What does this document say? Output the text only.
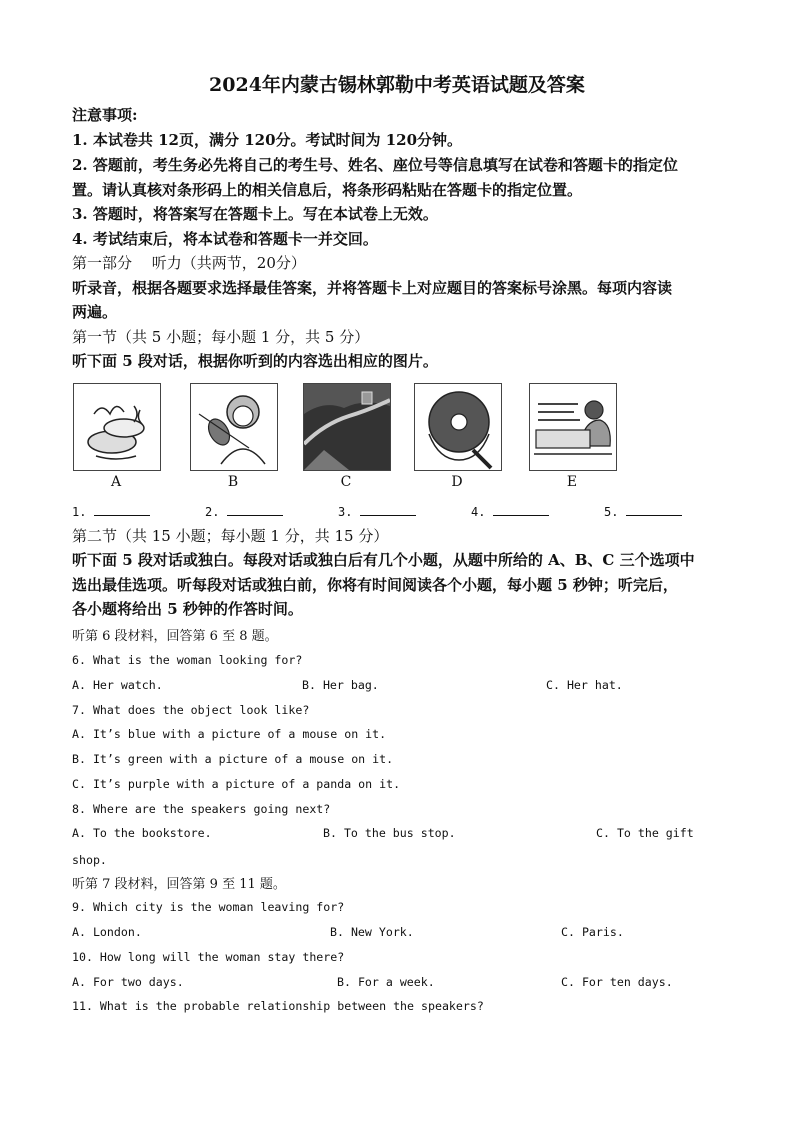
2024年内蒙古锡林郭勒中考英语试题及答案
注意事项:
1. 本试卷共 12页，满分 120分。考试时间为 120分钟。
2. 答题前，考生务必先将自己的考生号、姓名、座位号等信息填写在试卷和答题卡的指定位
置。请认真核对条形码上的相关信息后，将条形码粘贴在答题卡的指定位置。
3. 答题时，将答案写在答题卡上。写在本试卷上无效。
4. 考试结束后，将本试卷和答题卡一并交回。
第一部分　 听力（共两节，20分）
听录音，根据各题要求选择最佳答案，并将答题卡上对应题目的答案标号涂黑。每项内容读
两遍。
第一节（共 5 小题；每小题 1 分，共 5 分）
听下面 5 段对话，根据你听到的内容选出相应的图片。
A	B	C	D	E
1.	2.	3.	4.	5.
第二节（共 15 小题；每小题 1 分，共 15 分）
听下面 5 段对话或独白。每段对话或独白后有几个小题，从题中所给的 A、B、C 三个选项中
选出最佳选项。听每段对话或独白前，你将有时间阅读各个小题，每小题 5 秒钟；听完后，
各小题将给出 5 秒钟的作答时间。
听第 6 段材料，回答第 6 至 8 题。
6. What is the woman looking for?
A. Her watch.	B. Her bag.	C. Her hat.
7. What does the object look like?
A. It’s blue with a picture of a mouse on it.
B. It’s green with a picture of a mouse on it.
C. It’s purple with a picture of a panda on it.
8. Where are the speakers going next?
A. To the bookstore.	B. To the bus stop.	C. To the gift
shop.
听第 7 段材料，回答第 9 至 11 题。
9. Which city is the woman leaving for?
A. London.	B. New York.	C. Paris.
10. How long will the woman stay there?
A. For two days.	B. For a week.	C. For ten days.
11. What is the probable relationship between the speakers?
